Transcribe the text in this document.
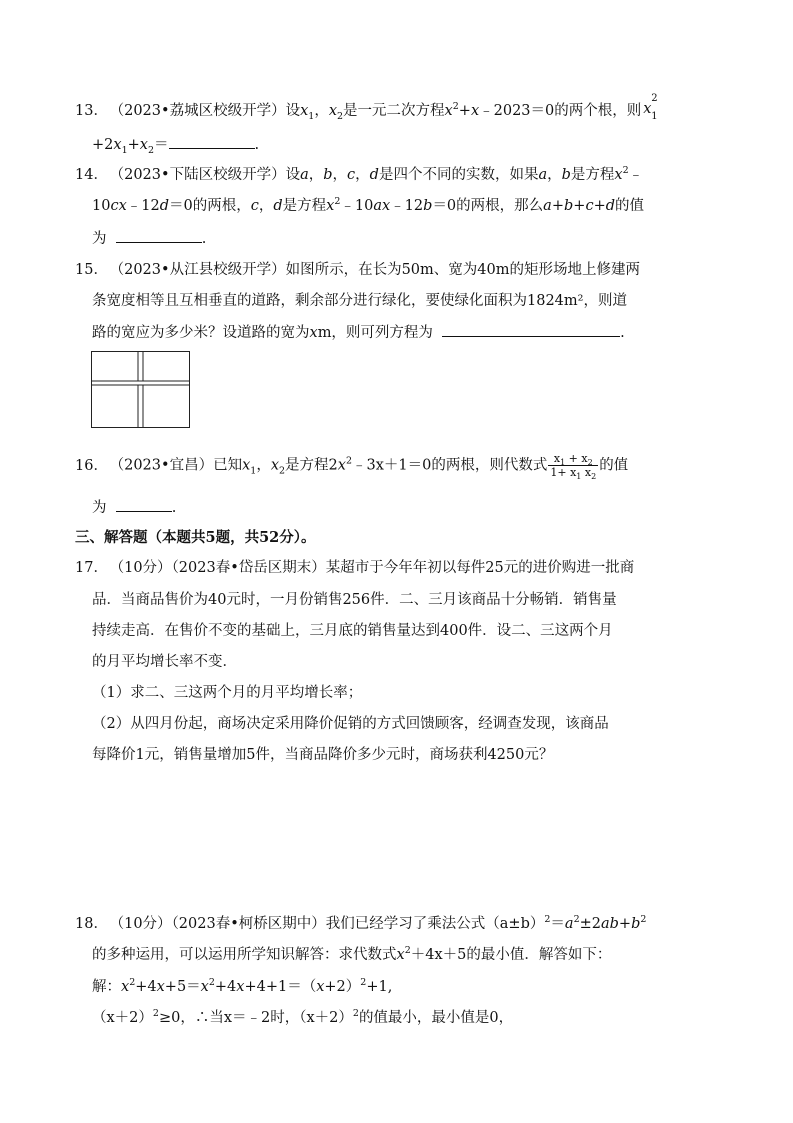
13． （2023•荔城区校级开学）设$x_1$，$x_2$是一元二次方程$x^2+x﹣2023=0$的两个根，则 x
2
1
$+2x_1+x_2=$	.
14． （2023•下陆区校级开学）设a，b，c，d是四个不同的实数，如果a，b是方程$x^2﹣$
10cx﹣12d＝0的两根，c，d是方程$x^2﹣10ax﹣12b=0$的两根，那么a+b+c+d的值
为	.
15． （2023•从江县校级开学）如图所示，在长为50m、宽为40m的矩形场地上修建两
条宽度相等且互相垂直的道路，剩余部分进行绿化，要使绿化面积为1824m²，则道
路的宽应为多少米？设道路的宽为xm，则可列方程为	.
16． （2023•宜昌）已知$x_1$，$x_2$是方程$2x^2﹣3x+1=0$的两根，则代数式 $\frac{x_1 + x_2}{1+ x_1 x_2}$ 的值
为	.
三、解答题（本题共5题，共52分）。
17． （10分）（2023春•岱岳区期末）某超市于今年年初以每件25元的进价购进一批商
品．当商品售价为40元时，一月份销售256件．二、三月该商品十分畅销．销售量
持续走高．在售价不变的基础上，三月底的销售量达到400件．设二、三这两个月
的月平均增长率不变．
（1）求二、三这两个月的月平均增长率；
（2）从四月份起，商场决定采用降价促销的方式回馈顾客，经调查发现，该商品
每降价1元，销售量增加5件，当商品降价多少元时，商场获利4250元？
18． （10分）（2023春•柯桥区期中）我们已经学习了乘法公式$(a\pm b)^2=a^2\pm 2ab+b^2$
的多种运用，可以运用所学知识解答：求代数式$x^2+4x+5$的最小值．解答如下：
解：$x^2+4x+5=x^2+4x+4+1=(x+2)^2+1$,
$(x+2)^2\ge 0$，∴当x＝﹣2时，$(x+2)^2$的值最小，最小值是0，
